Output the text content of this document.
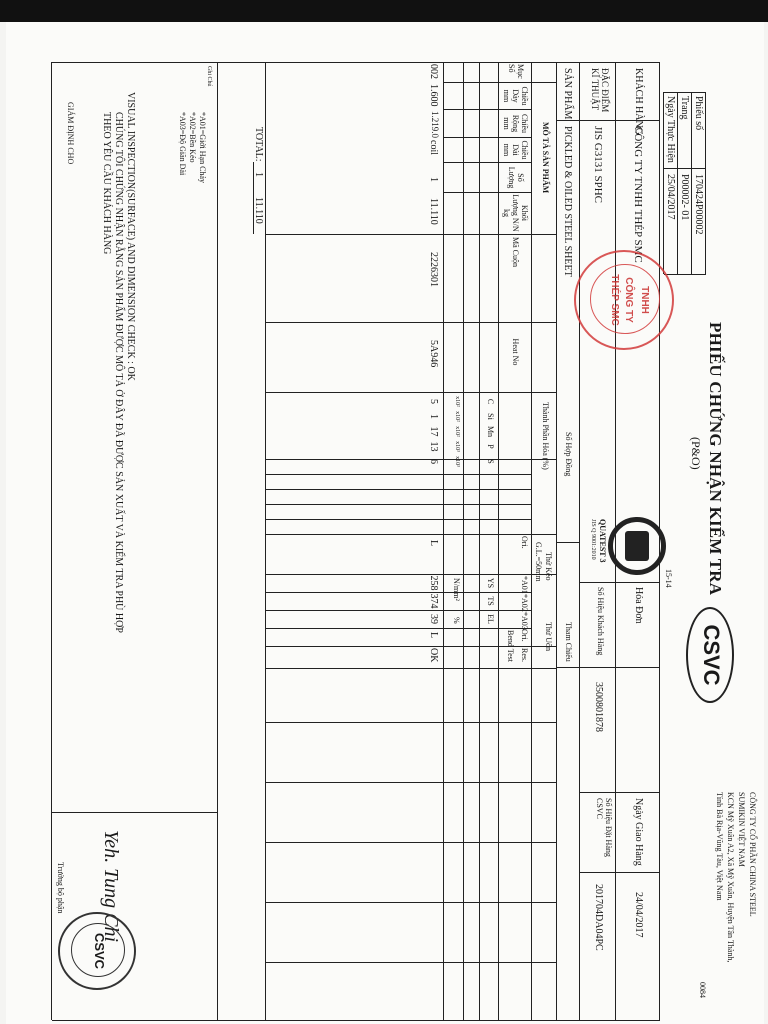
CÔNG TY CỔ PHẦN CHINA STEEL
SUMIKIN VIỆT NAM
KCN Mỹ Xuân A2, Xã Mỹ Xuân, Huyện Tân Thành,
Tỉnh Bà Rịa-Vũng Tàu, Việt Nam
0084
CSVC
PHIẾU CHỨNG NHẬN KIỂM TRA
(P&O)
Phiếu số
170424P00002
Trang
P00002- 01
Ngày Thực Hiện
25/04/2017
KHÁCH HÀNG
CÔNG TY TNHH THÉP SMC
Hóa Đơn
Ngày Giao Hàng
24/04/2017
ĐẶC ĐIỂM KĨ THUẬT
JIS G3131 SPHC
Số Hiệu Khách Hàng
3500801878
Số Hiệu Đặt Hàng CSVC
201704DA04PC
SẢN PHẨM
PICKLED & OILED STEEL SHEET
Số Hợp Đồng
Tham Chiếu
TNHH
CÔNG TY
THÉP SMC
15-14
QUATEST 3
JIS Q 9001:2010
MÔ TẢ SẢN PHẨM
Mục Số
Chiều Dày mm
Chiều Rộng mm
Chiều Dài mm
Số Lượng
Khối Lượng N/N kg
Mã Cuộn
Heat No
Thành Phần Hóa (%)
C
Si
Mn
P
S
x10²
x10²
x10²
x10³
x10³
Thử Kéo
G.L.=50mm
Ori.
*A01
*A02
*A03
YS
TS
EL
N/mm²
%
Thử Uốn
Ori.
Res.
Bend Test
002
1.600
1.219.0
coil
1
11.110
2226301
5A946
5
1
17
13
6
L
258
374
39
L
OK
TOTAL:
1
11.110
Ghi Chú
*A01=Giới Hạn Chảy
*A02=Bền Kéo
*A03=Độ Giãn Dài
VISUAL INSPECTION(SURFACE) AND DIMENSION CHECK : OK
CHÚNG TÔI CHỨNG NHẬN RẰNG SẢN PHẨM ĐƯỢC MÔ TẢ Ở ĐÂY ĐÃ ĐƯỢC SẢN XUẤT VÀ KIỂM TRA PHÙ HỢP
THEO YÊU CẦU KHÁCH HÀNG
GIÁM ĐỊNH CHO
Trưởng bộ phận Yeh. Tung Chi
CSVC
